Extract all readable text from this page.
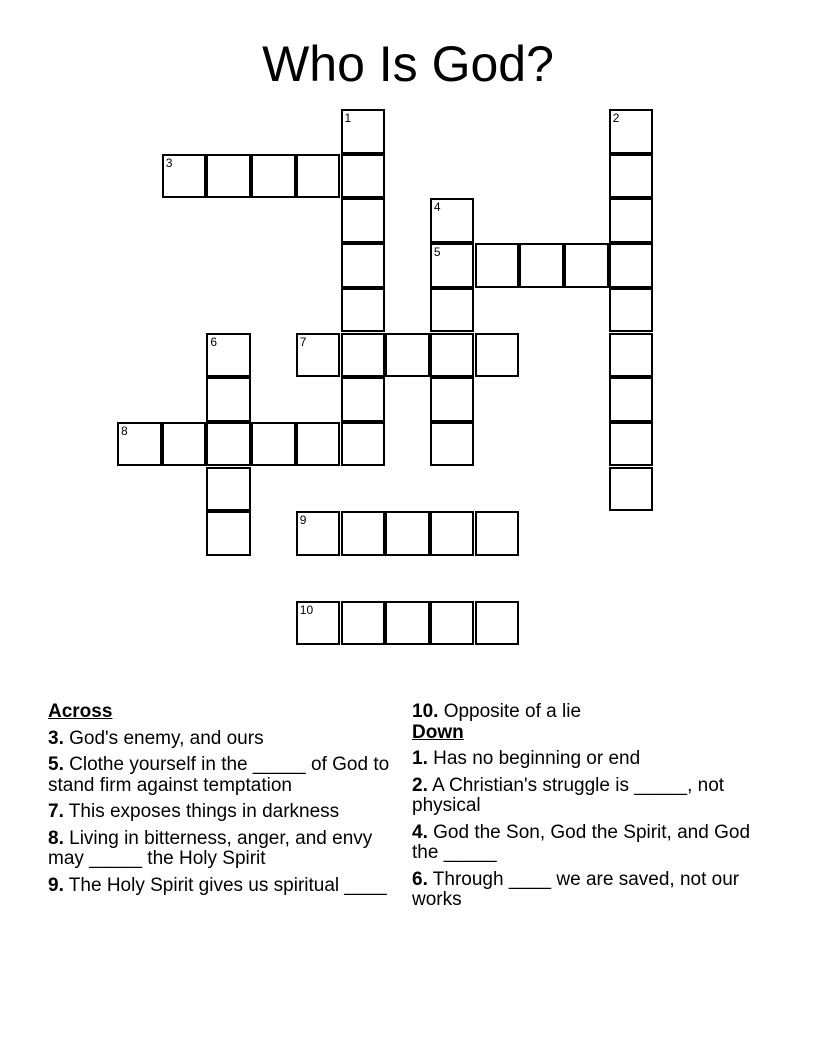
Who Is God?
1	2
3
4
5
6	7
8
9
10
Across
3. God's enemy, and ours
5. Clothe yourself in the _____ of God to stand firm against temptation
7. This exposes things in darkness
8. Living in bitterness, anger, and envy may _____ the Holy Spirit
9. The Holy Spirit gives us spiritual ____
10. Opposite of a lie
Down
1. Has no beginning or end
2. A Christian's struggle is _____, not physical
4. God the Son, God the Spirit, and God the _____
6. Through ____ we are saved, not our works
